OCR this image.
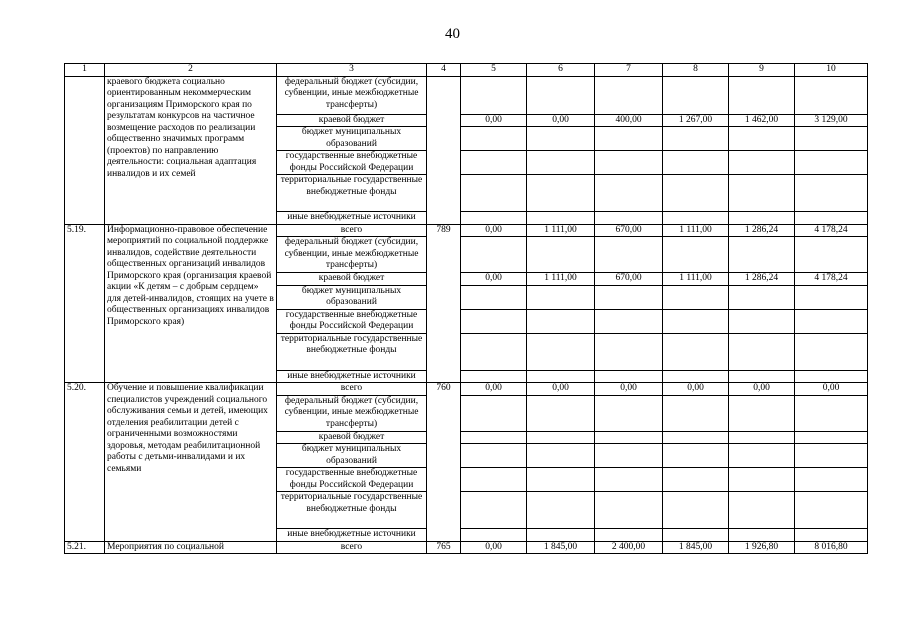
40
1	2	3	4	5	6	7	8	9	10
	краевого бюджета социально ориентированным некоммерческим организациям Приморского края по результатам конкурсов на частичное возмещение расходов по реализации общественно значимых программ (проектов) по направлению деятельности: социальная адаптация инвалидов и их семей	федеральный бюджет (субсидии, субвенции, иные межбюджетные трансферты)							
		краевой бюджет		0,00	0,00	400,00	1 267,00	1 462,00	3 129,00
		бюджет муниципальных образований							
		государственные внебюджетные фонды Российской Федерации							
		территориальные государственные внебюджетные фонды							
		иные внебюджетные источники							
5.19.	Информационно-правовое обеспечение мероприятий по социальной поддержке инвалидов, содействие деятельности общественных организаций инвалидов Приморского края (организация краевой акции «К детям – с добрым сердцем» для детей-инвалидов, стоящих на учете в общественных организациях инвалидов Приморского края)	всего	789	0,00	1 111,00	670,00	1 111,00	1 286,24	4 178,24
		федеральный бюджет (субсидии, субвенции, иные межбюджетные трансферты)							
		краевой бюджет		0,00	1 111,00	670,00	1 111,00	1 286,24	4 178,24
		бюджет муниципальных образований							
		государственные внебюджетные фонды Российской Федерации							
		территориальные государственные внебюджетные фонды							
		иные внебюджетные источники							
5.20.	Обучение и повышение квалификации специалистов учреждений социального обслуживания семьи и детей, имеющих отделения реабилитации детей с ограниченными возможностями здоровья, методам реабилитационной работы с детьми-инвалидами и их семьями	всего	760	0,00	0,00	0,00	0,00	0,00	0,00
		федеральный бюджет (субсидии, субвенции, иные межбюджетные трансферты)							
		краевой бюджет							
		бюджет муниципальных образований							
		государственные внебюджетные фонды Российской Федерации							
		территориальные государственные внебюджетные фонды							
		иные внебюджетные источники							
5.21.	Мероприятия по социальной	всего	765	0,00	1 845,00	2 400,00	1 845,00	1 926,80	8 016,80
